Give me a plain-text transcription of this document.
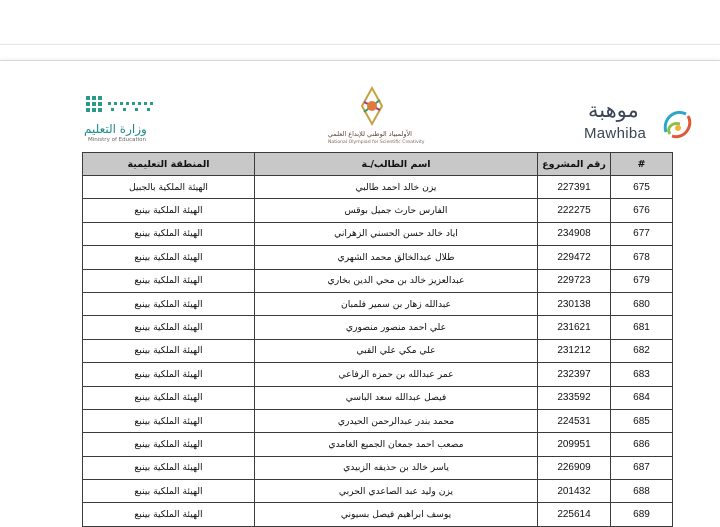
موهبة
Mawhiba
الأولمبياد الوطني للإبداع العلمي
National Olympiad for Scientific Creativity
وزارة التعليم
Ministry of Education
المنطقة التعليمية	اسم الطالب/ـة	رقم المشروع	#
الهيئة الملكية بالجبيل	يزن خالد احمد طالبي	227391	675
الهيئة الملكية بينبع	الفارس حارث جميل بوقس	222275	676
الهيئة الملكية بينبع	اياد خالد حسن الحسني الزهراني	234908	677
الهيئة الملكية بينبع	طلال عبدالخالق محمد الشهري	229472	678
الهيئة الملكية بينبع	عبدالعزيز خالد بن محي الدين بخاري	229723	679
الهيئة الملكية بينبع	عبدالله زهار بن سمير فلمبان	230138	680
الهيئة الملكية بينبع	علي احمد منصور منصوري	231621	681
الهيئة الملكية بينبع	علي مكي علي القبي	231212	682
الهيئة الملكية بينبع	عمر عبدالله بن حمزه الرفاعي	232397	683
الهيئة الملكية بينبع	فيصل عبدالله سعد الباسي	233592	684
الهيئة الملكية بينبع	محمد بندر عبدالرحمن الحيدري	224531	685
الهيئة الملكية بينبع	مصعب احمد جمعان الجميع الغامدي	209951	686
الهيئة الملكية بينبع	ياسر خالد بن حذيفه الزبيدي	226909	687
الهيئة الملكية بينبع	يزن وليد عبد الصاعدي الحربي	201432	688
الهيئة الملكية بينبع	يوسف ابراهيم فيصل بسيوني	225614	689
